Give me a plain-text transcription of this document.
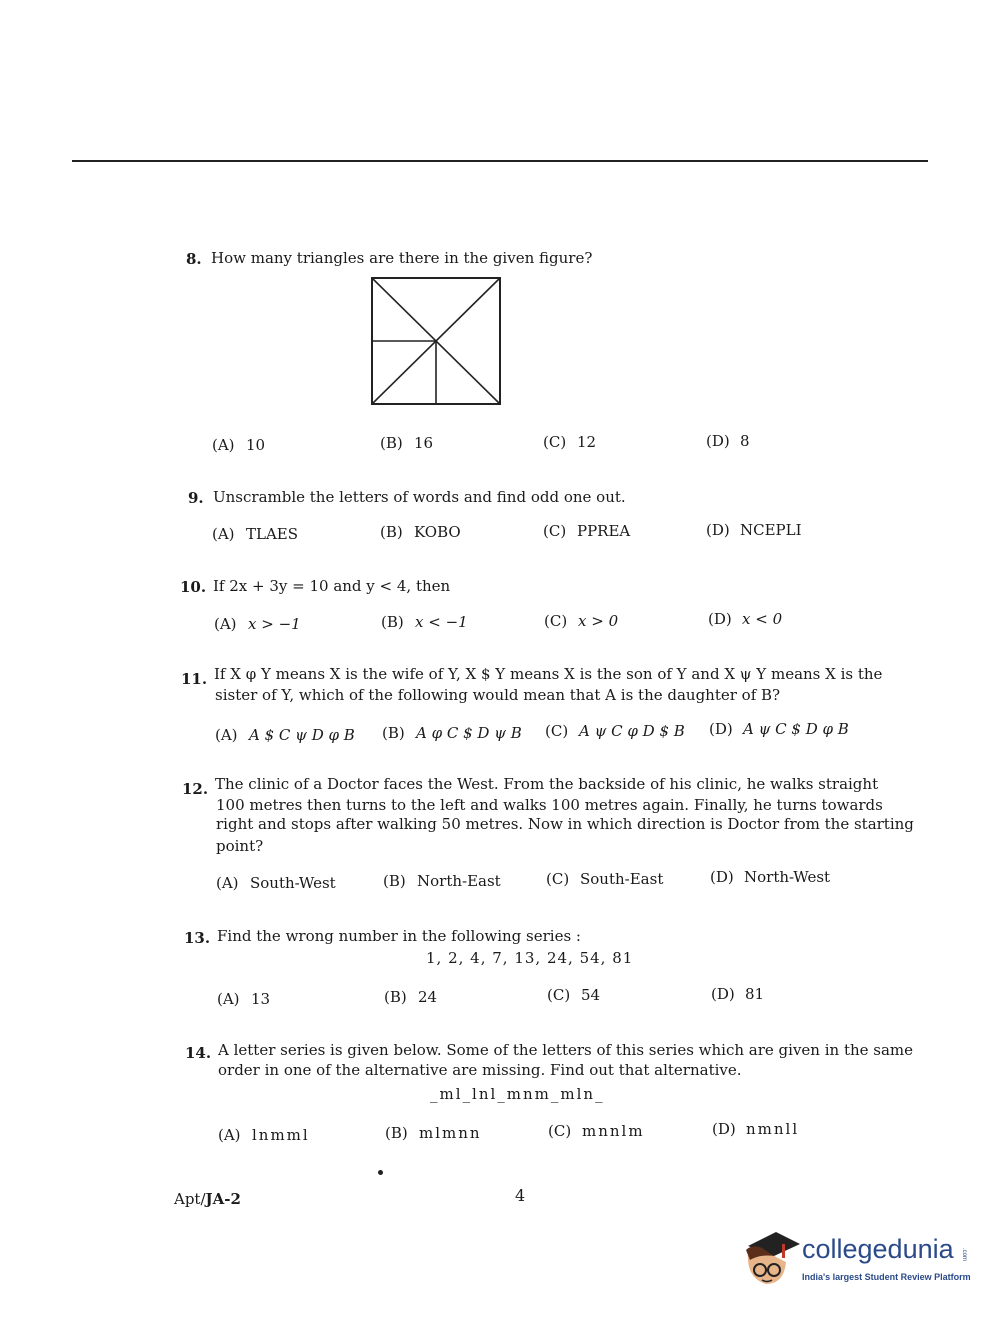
8. How many triangles are there in the given figure?
(A) 10	(B) 16	(C) 12	(D) 8
9. Unscramble the letters of words and find odd one out.
(A) TLAES	(B) KOBO	(C) PPREA	(D) NCEPLI
10. If 2x + 3y = 10 and y < 4, then
(A) x > −1	(B) x < −1	(C) x > 0	(D) x < 0
11. If X φ Y means X is the wife of Y, X $ Y means X is the son of Y and X ψ Y means X is the
sister of Y, which of the following would mean that A is the daughter of B?
(A) A $ C ψ D φ B (B) A φ C $ D ψ B (C) A ψ C φ D $ B (D) A ψ C $ D φ B
12. The clinic of a Doctor faces the West. From the backside of his clinic, he walks straight
100 metres then turns to the left and walks 100 metres again. Finally, he turns towards
right and stops after walking 50 metres. Now in which direction is Doctor from the starting
point?
(A) South-West	(B) North-East	(C) South-East	(D) North-West
13. Find the wrong number in the following series :
1, 2, 4, 7, 13, 24, 54, 81
(A) 13	(B) 24	(C) 54	(D) 81
14. A letter series is given below. Some of the letters of this series which are given in the same
order in one of the alternative are missing. Find out that alternative.
_ml_lnl_mnm_mln_
(A) lnmml	(B) mlmnn	(C) mnnlm	(D) nmnll
Apt/JA-2	4
collegedunia .com
India's largest Student Review Platform
